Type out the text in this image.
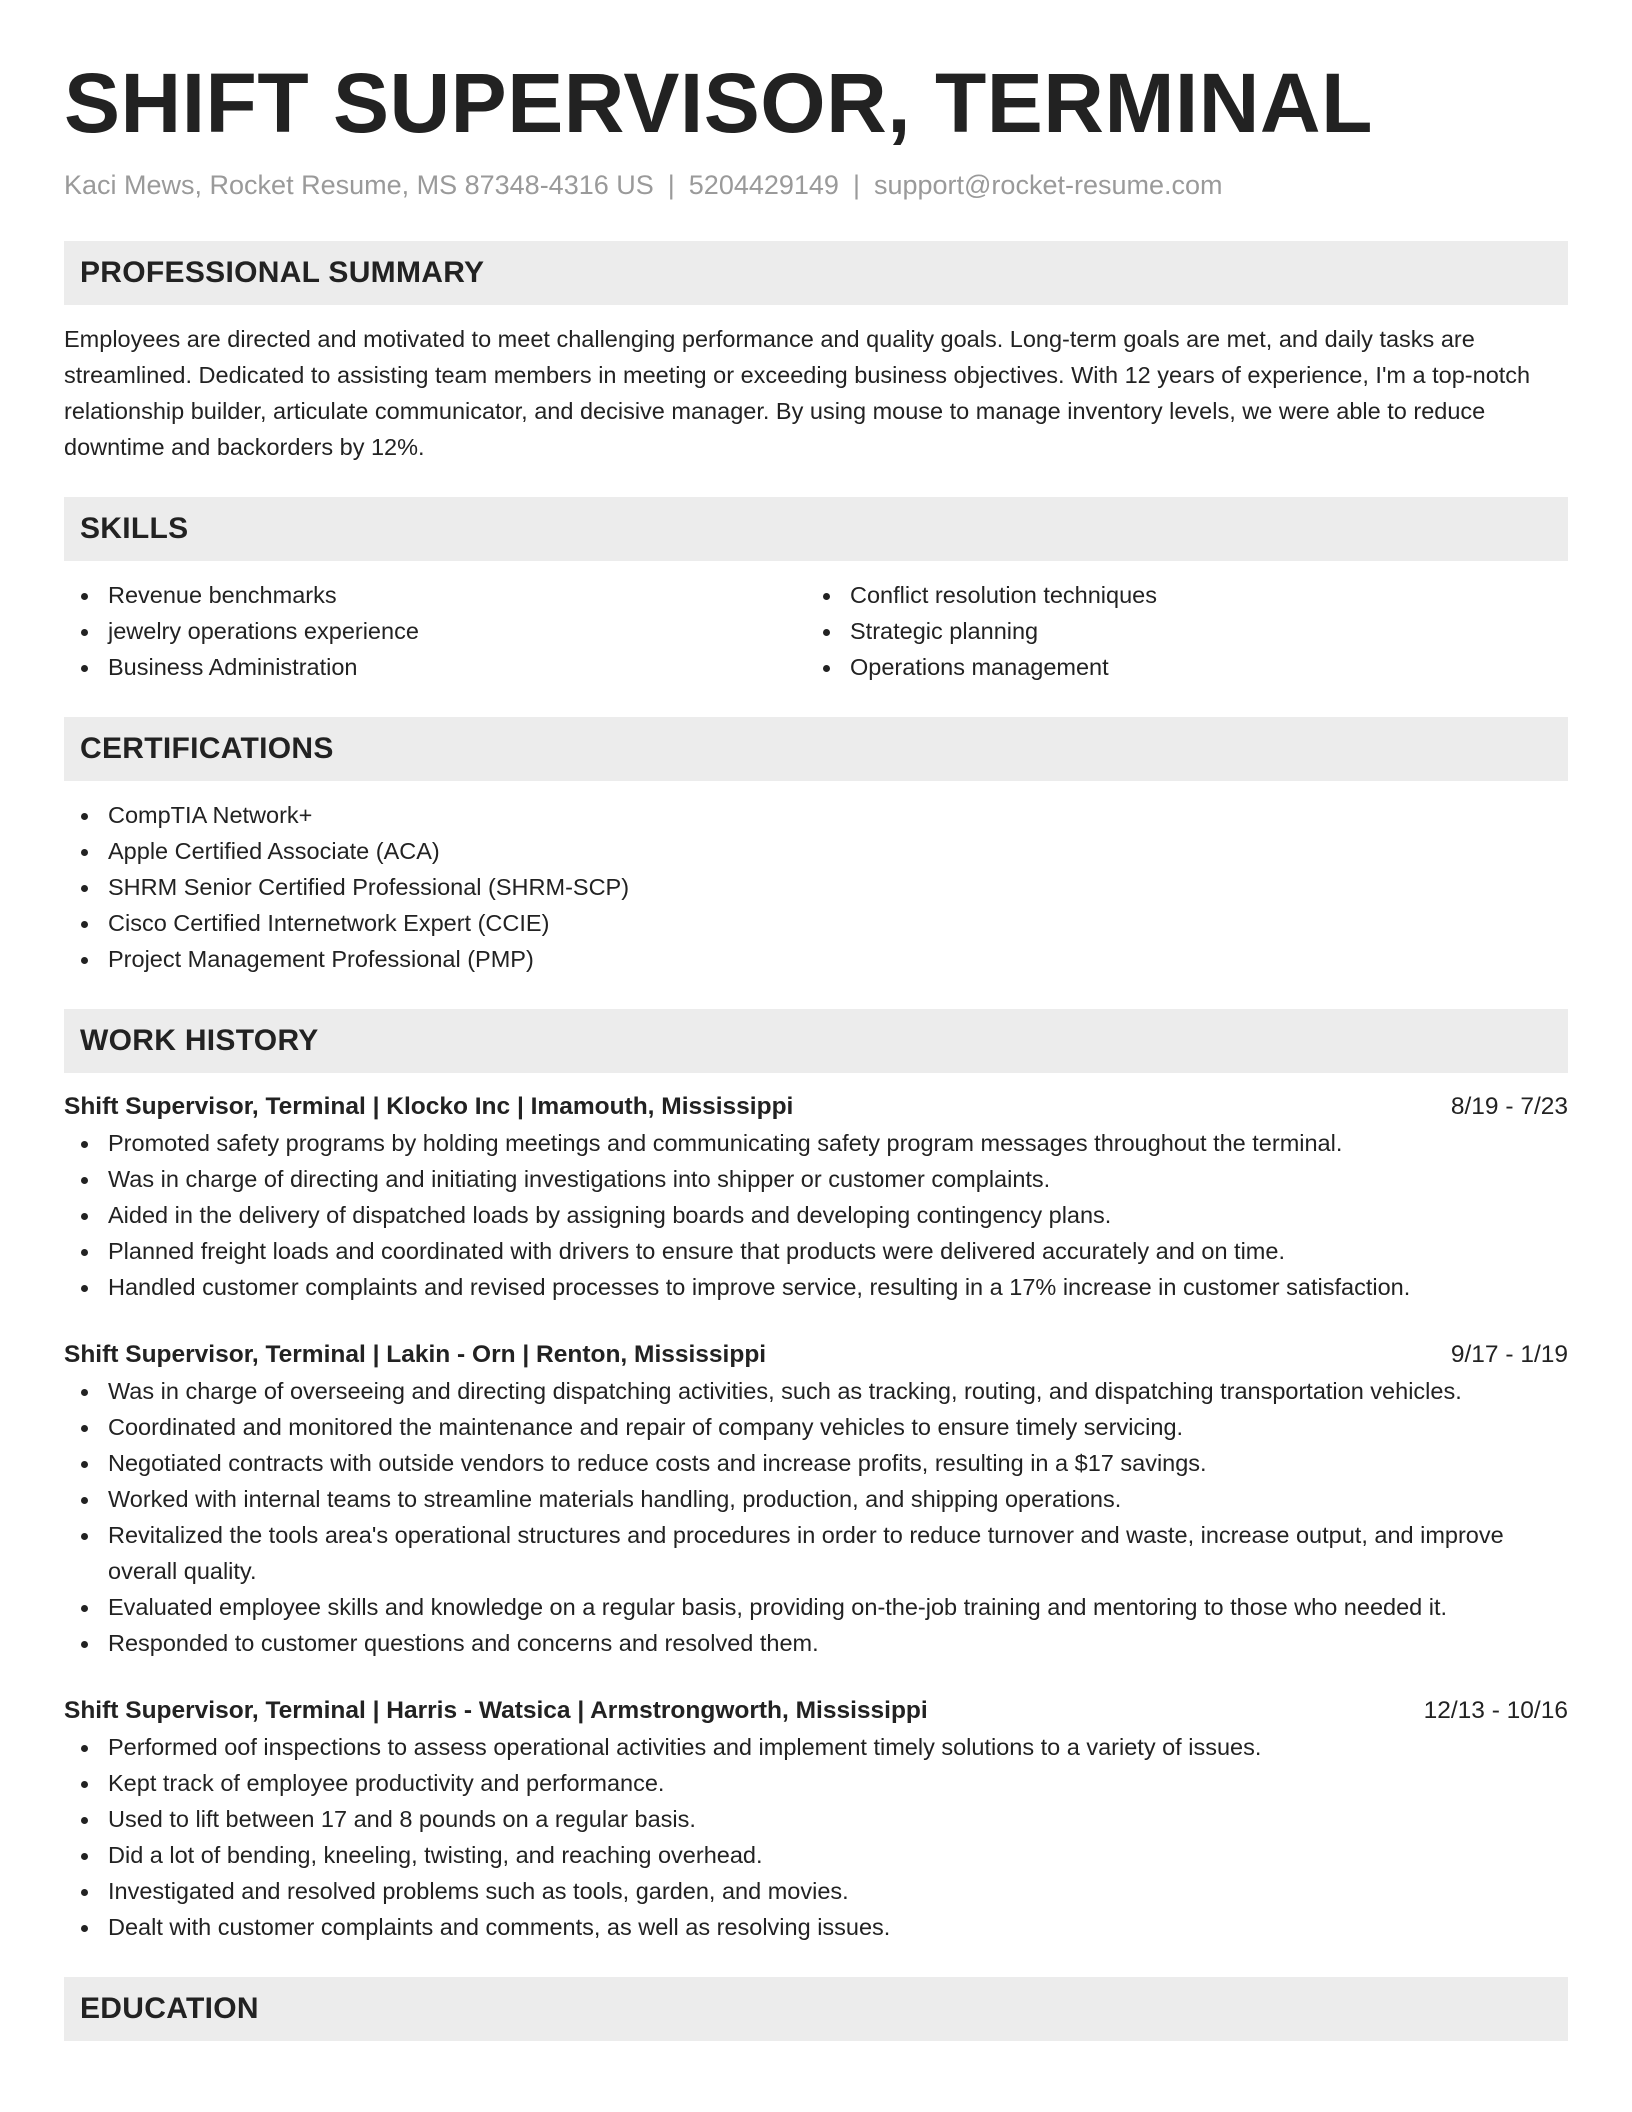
SHIFT SUPERVISOR, TERMINAL
Kaci Mews, Rocket Resume, MS 87348-4316 US | 5204429149 | support@rocket-resume.com
PROFESSIONAL SUMMARY

Employees are directed and motivated to meet challenging performance and quality goals. Long-term goals are met, and daily tasks are streamlined. Dedicated to assisting team members in meeting or exceeding business objectives. With 12 years of experience, I'm a top-notch relationship builder, articulate communicator, and decisive manager. By using mouse to manage inventory levels, we were able to reduce downtime and backorders by 12%.

SKILLS
Revenue benchmarks
jewelry operations experience
Business Administration
Conflict resolution techniques
Strategic planning
Operations management
CERTIFICATIONS
CompTIA Network+
Apple Certified Associate (ACA)
SHRM Senior Certified Professional (SHRM-SCP)
Cisco Certified Internetwork Expert (CCIE)
Project Management Professional (PMP)
WORK HISTORY
Shift Supervisor, Terminal | Klocko Inc | Imamouth, Mississippi	8/19 - 7/23
Promoted safety programs by holding meetings and communicating safety program messages throughout the terminal.
Was in charge of directing and initiating investigations into shipper or customer complaints.
Aided in the delivery of dispatched loads by assigning boards and developing contingency plans.
Planned freight loads and coordinated with drivers to ensure that products were delivered accurately and on time.
Handled customer complaints and revised processes to improve service, resulting in a 17% increase in customer satisfaction.
Shift Supervisor, Terminal | Lakin - Orn | Renton, Mississippi	9/17 - 1/19
Was in charge of overseeing and directing dispatching activities, such as tracking, routing, and dispatching transportation vehicles.
Coordinated and monitored the maintenance and repair of company vehicles to ensure timely servicing.
Negotiated contracts with outside vendors to reduce costs and increase profits, resulting in a $17 savings.
Worked with internal teams to streamline materials handling, production, and shipping operations.
Revitalized the tools area's operational structures and procedures in order to reduce turnover and waste, increase output, and improve overall quality.
Evaluated employee skills and knowledge on a regular basis, providing on-the-job training and mentoring to those who needed it.
Responded to customer questions and concerns and resolved them.
Shift Supervisor, Terminal | Harris - Watsica | Armstrongworth, Mississippi	12/13 - 10/16
Performed oof inspections to assess operational activities and implement timely solutions to a variety of issues.
Kept track of employee productivity and performance.
Used to lift between 17 and 8 pounds on a regular basis.
Did a lot of bending, kneeling, twisting, and reaching overhead.
Investigated and resolved problems such as tools, garden, and movies.
Dealt with customer complaints and comments, as well as resolving issues.
EDUCATION
